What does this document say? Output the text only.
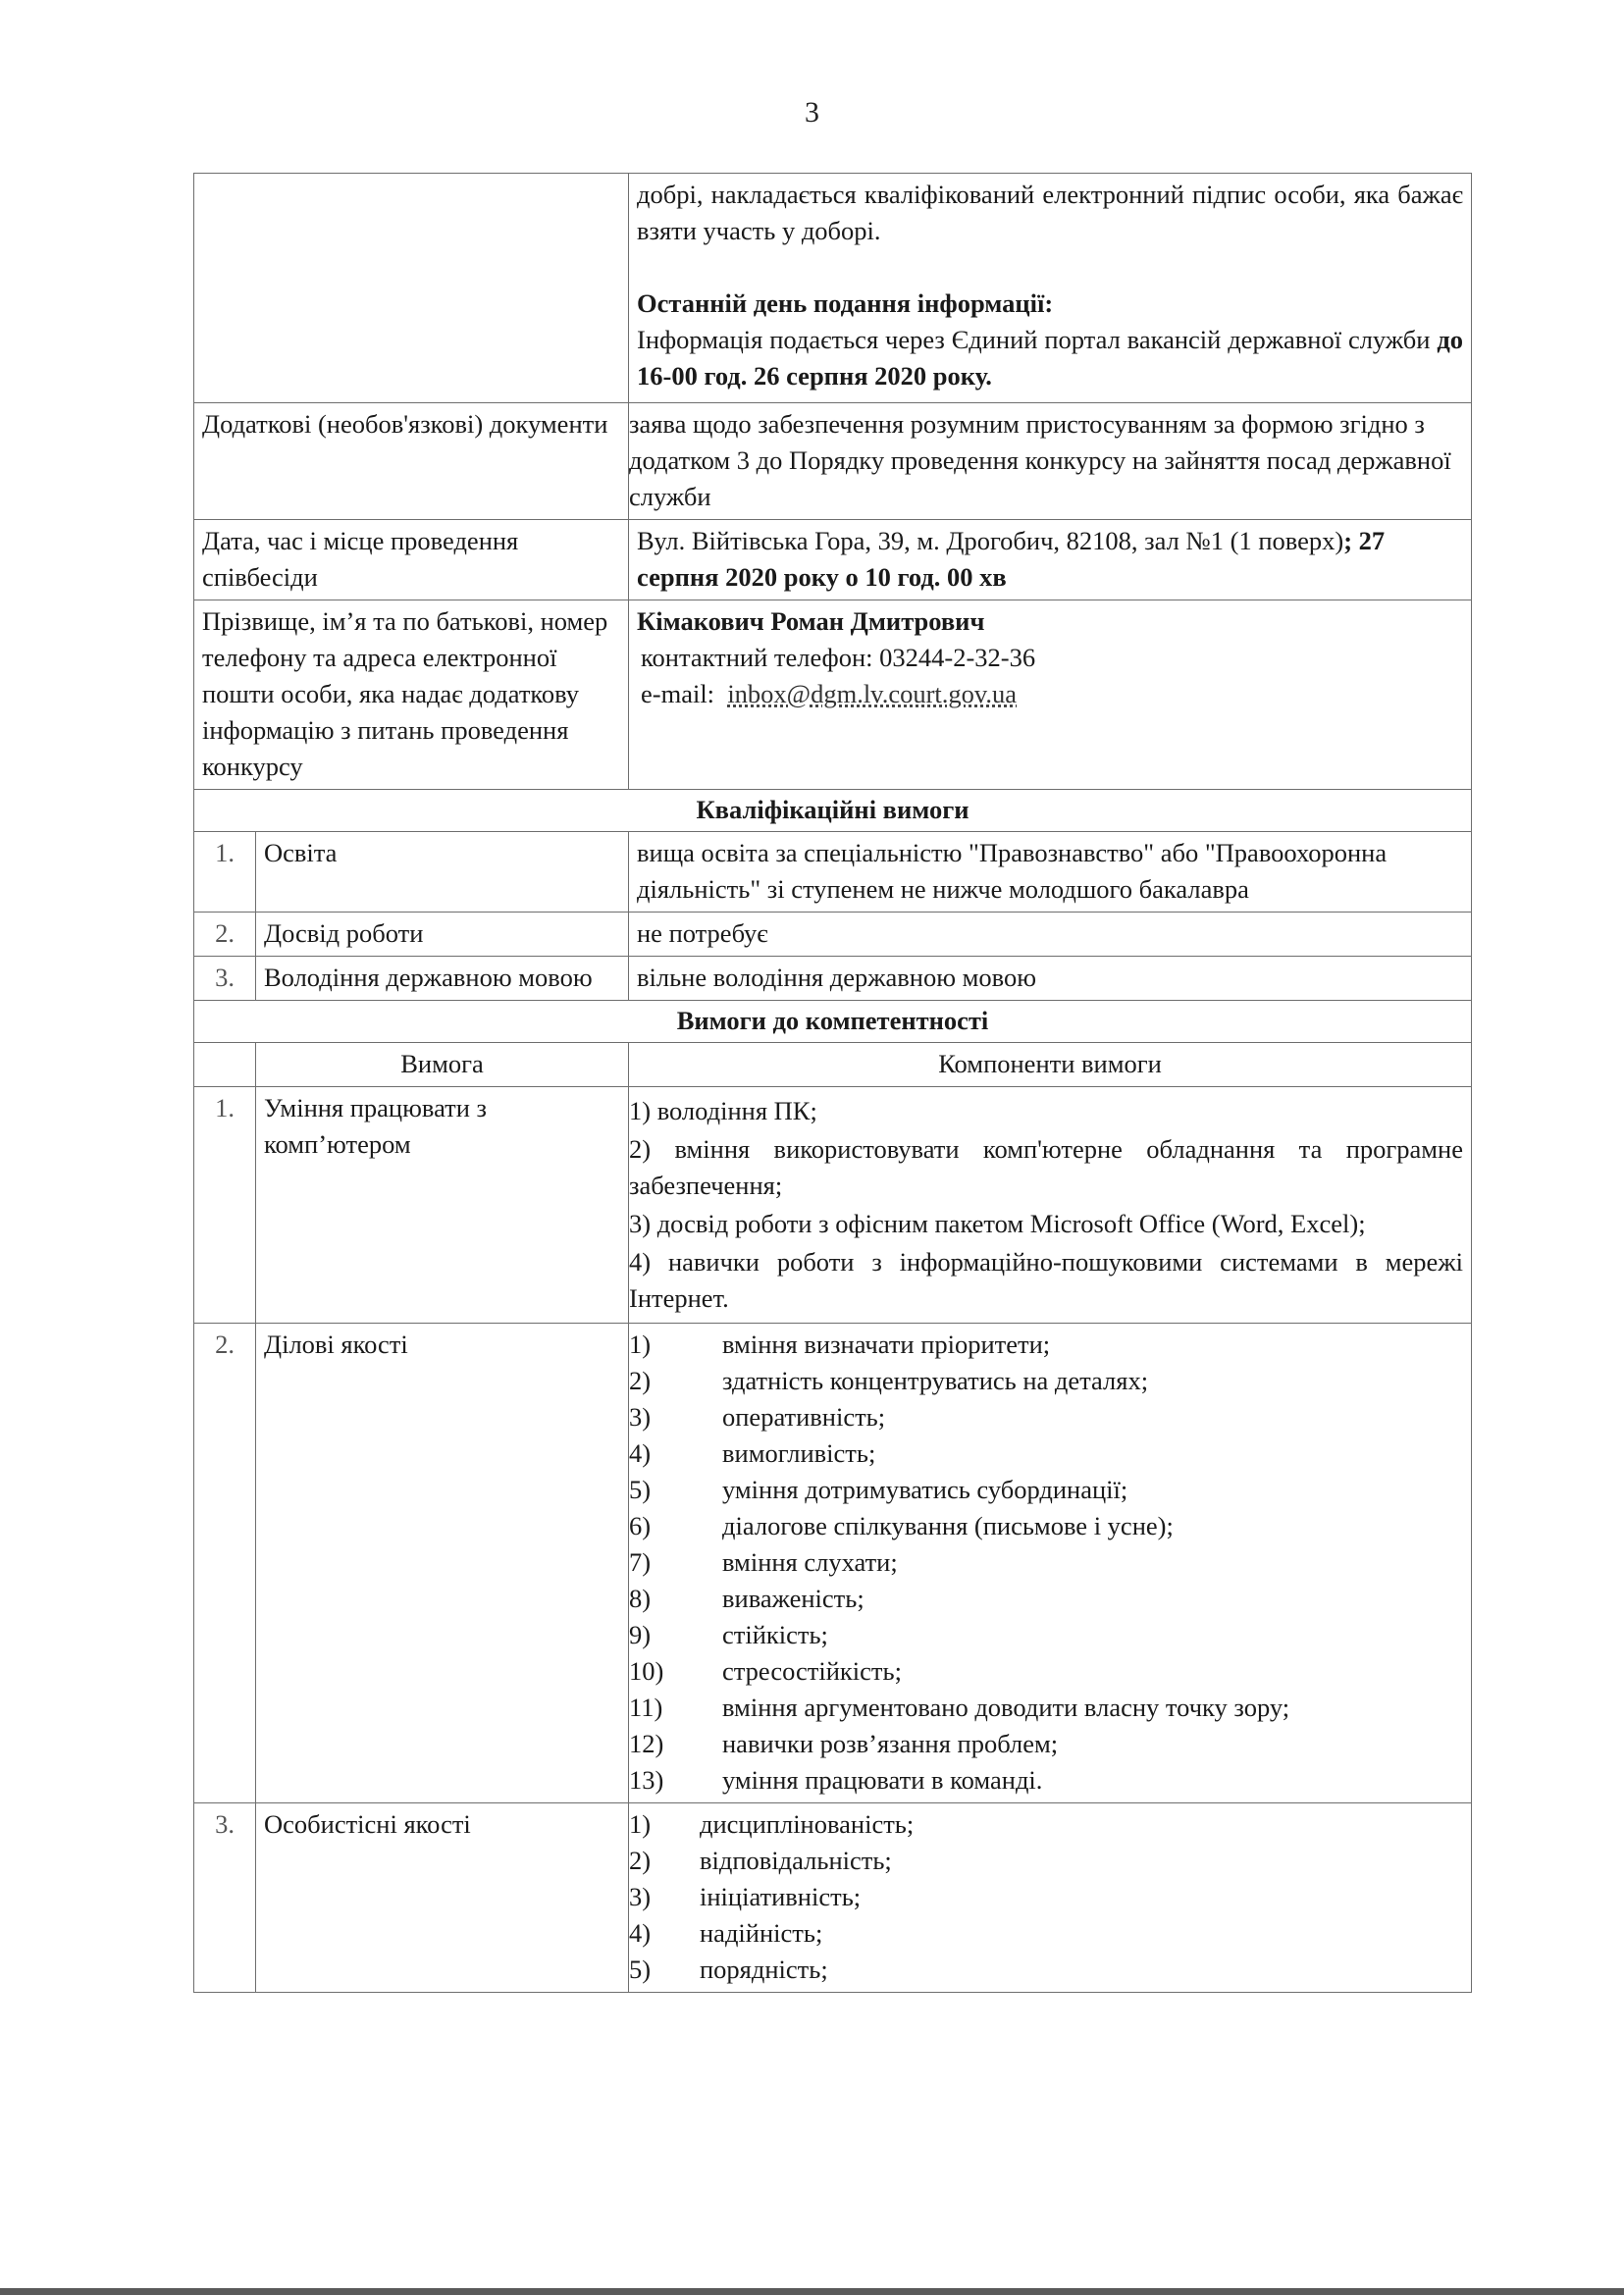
3

		добрі, накладається кваліфікований електронний підпис особи, яка бажає взяти участь у доборі.
Останній день подання інформації:
Інформація подається через Єдиний портал вакансій державної служби до 16-00 год. 26 серпня 2020 року.

Додаткові (необов'язкові) документи		заява щодо забезпечення розумним пристосуванням за формою згідно з додатком 3 до Порядку проведення конкурсу на зайняття посад державної служби
Дата, час і місце проведення співбесіди		Вул. Війтівська Гора, 39, м. Дрогобич, 82108, зал №1 (1 поверх); 27 серпня 2020 року о 10 год. 00 хв
Прізвище, ім’я та по батькові, номер телефону та адреса електронної пошти особи, яка надає додаткову інформацію з питань проведення конкурсу		Кімакович Роман Дмитрович
контактний телефон: 03244-2-32-36
e-mail: inbox@dgm.lv.court.gov.ua

Кваліфікаційні вимоги		
1.	Освіта	вища освіта за спеціальністю "Правознавство" або "Правоохоронна діяльність" зі ступенем не нижче молодшого бакалавра
2.	Досвід роботи	не потребує
3.	Володіння державною мовою	вільне володіння державною мовою
Вимоги до компетентності		
	Вимога	Компоненти вимоги
1.	Уміння працювати з комп’ютером	1) володіння ПК;

2) вміння використовувати комп'ютерне обладнання та програмне забезпечення;

3) досвід роботи з офісним пакетом Microsoft Office (Word, Excel);

4) навички роботи з інформаційно-пошуковими системами в мережі Інтернет.

2.	Ділові якості	1)	вміння визначати пріоритети;
2)	здатність концентруватись на деталях;
3)	оперативність;
4)	вимогливість;
5)	уміння дотримуватись субординації;
6)	діалогове спілкування (письмове і усне);
7)	вміння слухати;
8)	виваженість;
9)	стійкість;
10)	стресостійкість;
11)	вміння аргументовано доводити власну точку зору;
12)	навички розв’язання проблем;
13)	уміння працювати в команді.

3.	Особистісні якості	1)	дисциплінованість;
2)	відповідальність;
3)	ініціативність;
4)	надійність;
5)	порядність;
